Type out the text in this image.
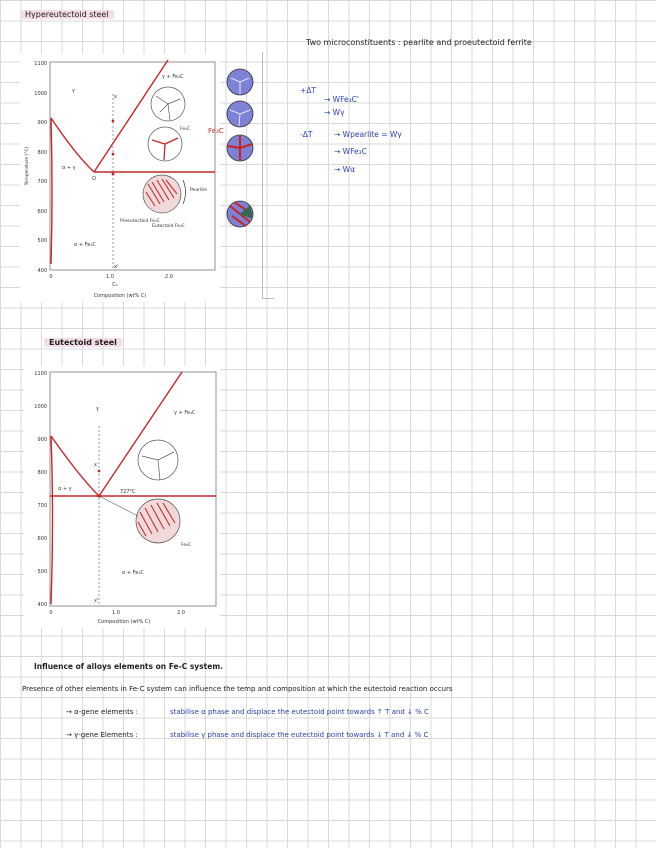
Hypereutectoid steel
Two microconstituents : pearlite and proeutectoid ferrite
1100
1000
900
800
700
600
500
400
0	1.0	2.0
C₁
Composition (wt% C)
Temperature (°C)
γ + Fe₃C
γ
α + γ
α + Fe₃C
O
x
x'
Pearlite
Proeutectoid Fe₃C
Eutectoid Fe₃C
Fe₃C	Fe₃C
+ΔT
→ WFe₃C'
→ Wγ
-ΔT	→ Wpearlite = Wγ
→ WFe₃C
→ Wα
Eutectoid steel
1100
1000
900
800
700
600
500
400
0	1.0	2.0
Composition (wt% C)
γ
γ + Fe₃C
α + γ
α + Fe₃C
727°C
Fe₃C
x
x'
Influence of alloys elements on Fe-C system.
Presence of other elements in Fe-C system can influence the temp and composition at which the eutectoid reaction occurs
→ α-gene elements :	stabilise α phase and displace the eutectoid point towards ↑ T and ↓ % C
→ γ-gene Elements :	stabilise γ phase and displace the eutectoid point towards ↓ T and ↓ % C
